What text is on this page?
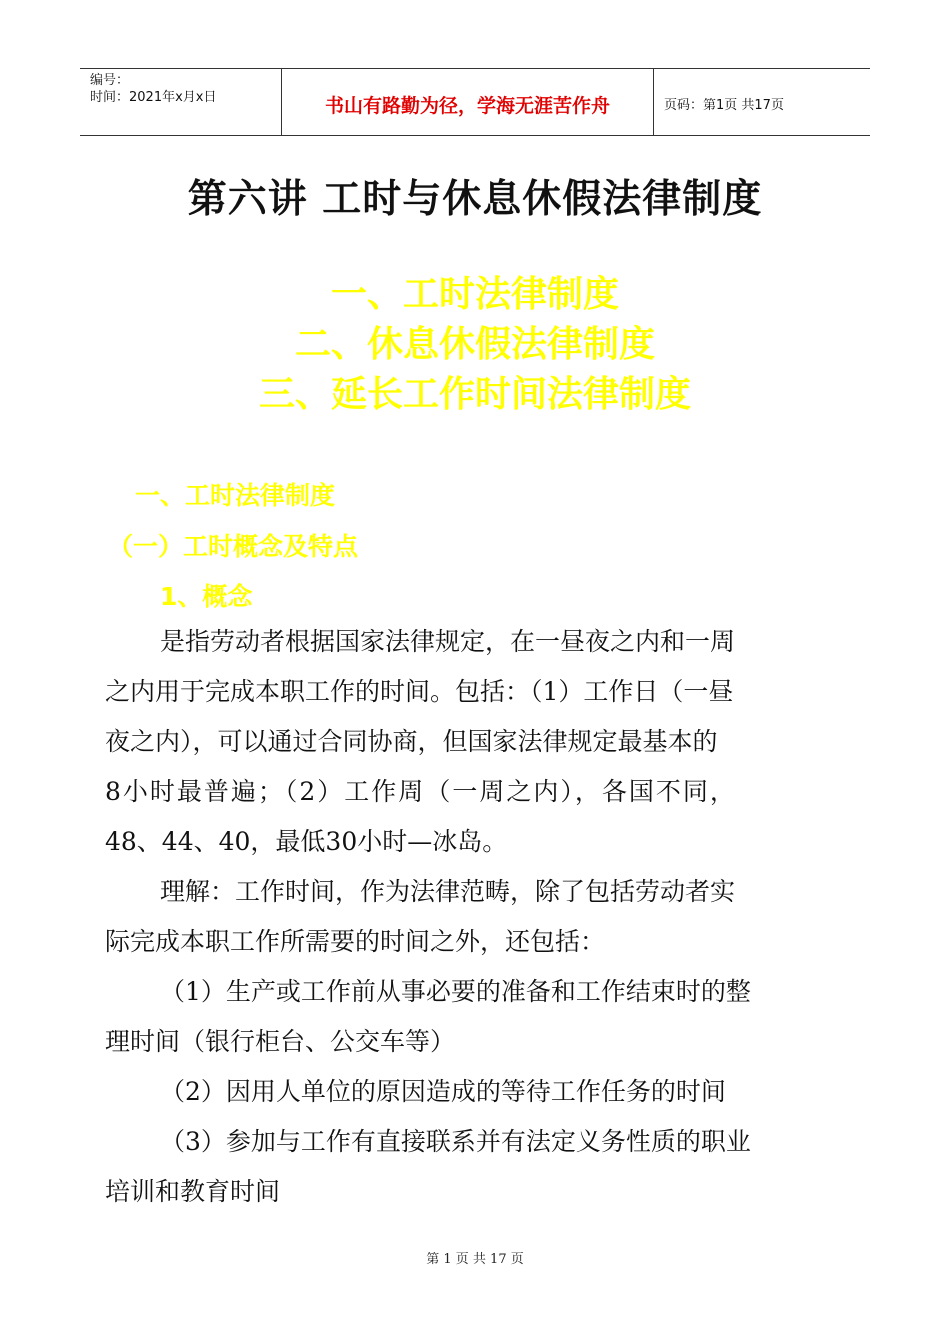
编号：
时间：2021年x月x日	书山有路勤为径，学海无涯苦作舟	页码：第1页 共17页
第六讲 工时与休息休假法律制度
一、工时法律制度
二、休息休假法律制度
三、延长工作时间法律制度
一、工时法律制度
（一）工时概念及特点
1、概念
是指劳动者根据国家法律规定，在一昼夜之内和一周
之内用于完成本职工作的时间。包括：（1）工作日（一昼
夜之内），可以通过合同协商，但国家法律规定最基本的
8小时最普遍；（2）工作周（一周之内），各国不同，
48、44、40，最低30小时—冰岛。
理解：工作时间，作为法律范畴，除了包括劳动者实
际完成本职工作所需要的时间之外，还包括：
（1）生产或工作前从事必要的准备和工作结束时的整
理时间（银行柜台、公交车等）
（2）因用人单位的原因造成的等待工作任务的时间
（3）参加与工作有直接联系并有法定义务性质的职业
培训和教育时间
第 1 页 共 17 页
